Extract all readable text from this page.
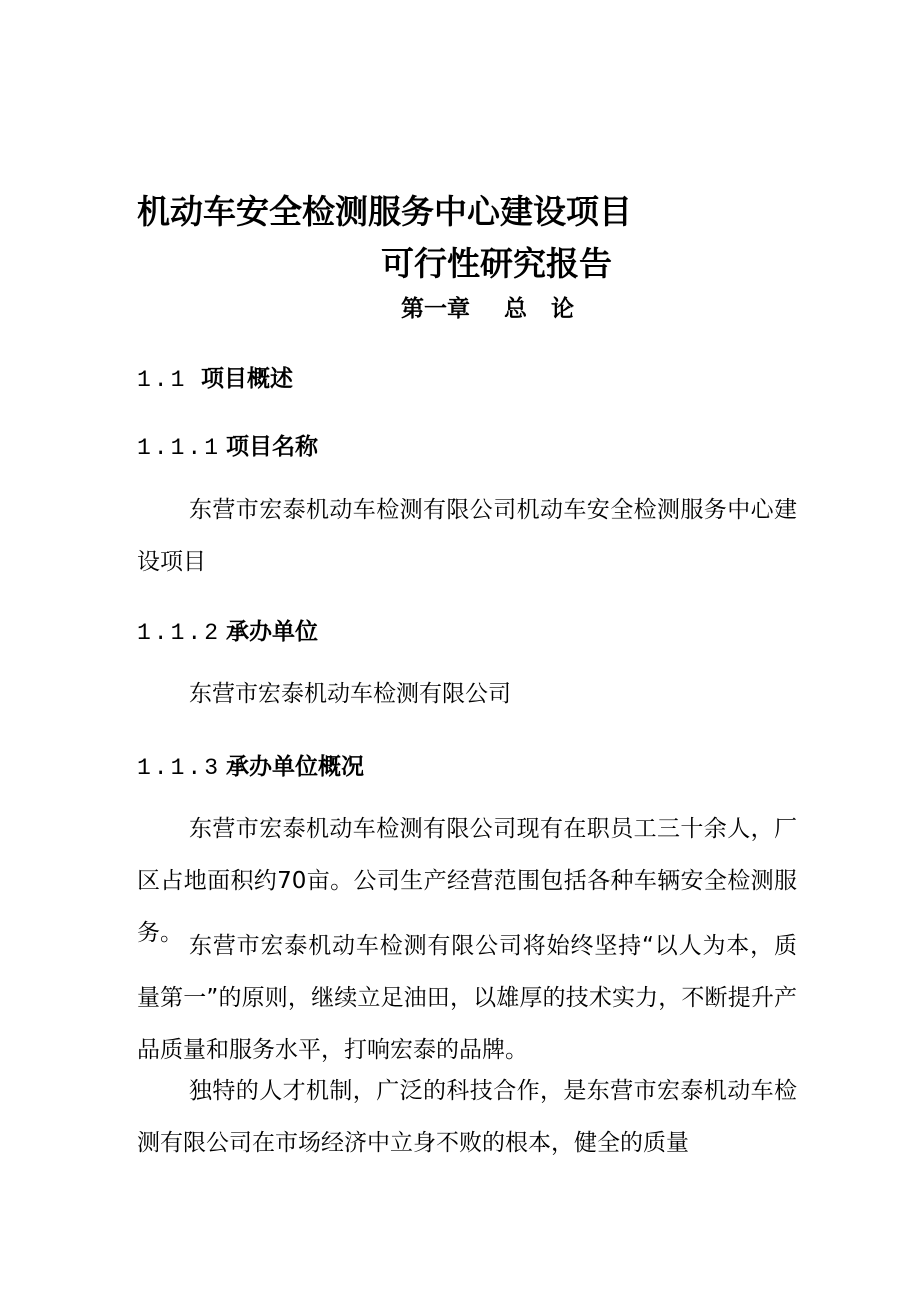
机动车安全检测服务中心建设项目
可行性研究报告
第一章 总 论
1.1 项目概述
1.1.1 项目名称
东营市宏泰机动车检测有限公司机动车安全检测服务中心建设项目
1.1.2 承办单位
东营市宏泰机动车检测有限公司
1.1.3 承办单位概况
东营市宏泰机动车检测有限公司现有在职员工三十余人，厂区占地面积约70亩。公司生产经营范围包括各种车辆安全检测服务。 东营市宏泰机动车检测有限公司将始终坚持“以人为本，质量第一”的原则，继续立足油田，以雄厚的技术实力，不断提升产品质量和服务水平，打响宏泰的品牌。
独特的人才机制，广泛的科技合作，是东营市宏泰机动车检测有限公司在市场经济中立身不败的根本，健全的质量
